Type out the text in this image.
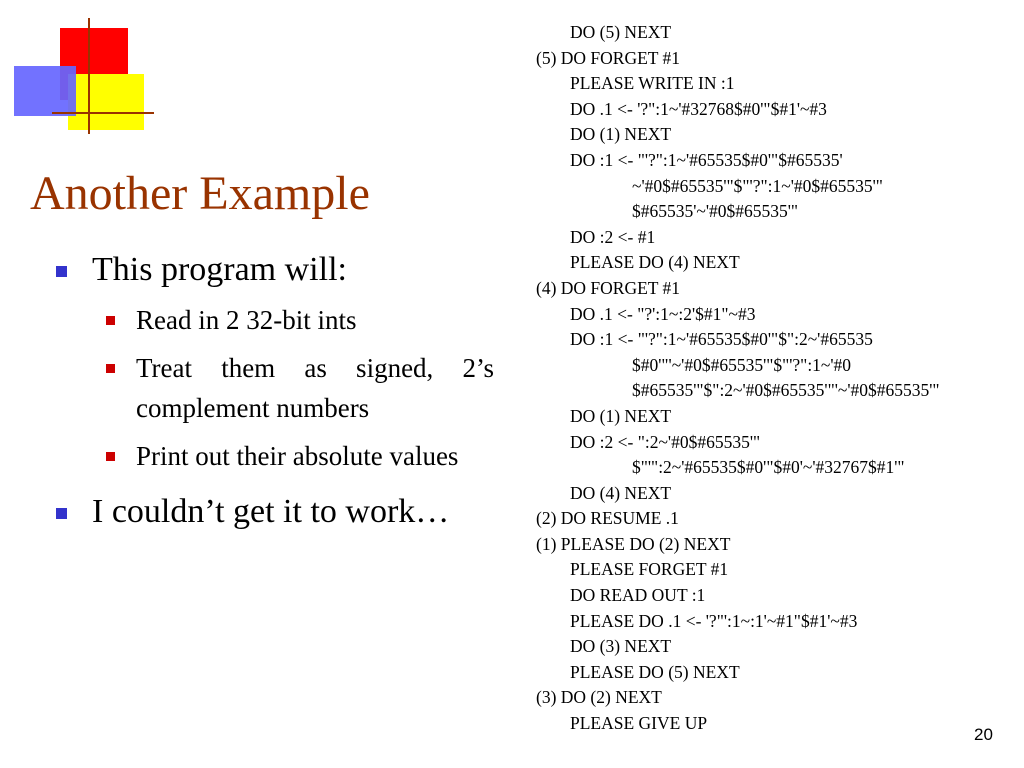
Another Example
This program will:
Read in 2 32-bit ints
Treat them as signed, 2’s complement numbers
Print out their absolute values
I couldn’t get it to work…
DO (5) NEXT
(5) DO FORGET #1
PLEASE WRITE IN :1
DO .1 <- '?":1~'#32768$#0'"$#1'~#3
DO (1) NEXT
DO :1 <- "'?":1~'#65535$#0'"$#65535'
~'#0$#65535'"$"'?":1~'#0$#65535'"
$#65535'~'#0$#65535'"
DO :2 <- #1
PLEASE DO (4) NEXT
(4) DO FORGET #1
DO .1 <- "?':1~:2'$#1"~#3
DO :1 <- "'?":1~'#65535$#0'"$":2~'#65535
$#0'"'~'#0$#65535'"$"'?":1~'#0
$#65535'"$":2~'#0$#65535'"'~'#0$#65535'"
DO (1) NEXT
DO :2 <- ":2~'#0$#65535'"
$"'":2~'#65535$#0'"$#0'~'#32767$#1'"
DO (4) NEXT
(2) DO RESUME .1
(1) PLEASE DO (2) NEXT
PLEASE FORGET #1
DO READ OUT :1
PLEASE DO .1 <- '?"':1~:1'~#1"$#1'~#3
DO (3) NEXT
PLEASE DO (5) NEXT
(3) DO (2) NEXT
PLEASE GIVE UP
20
